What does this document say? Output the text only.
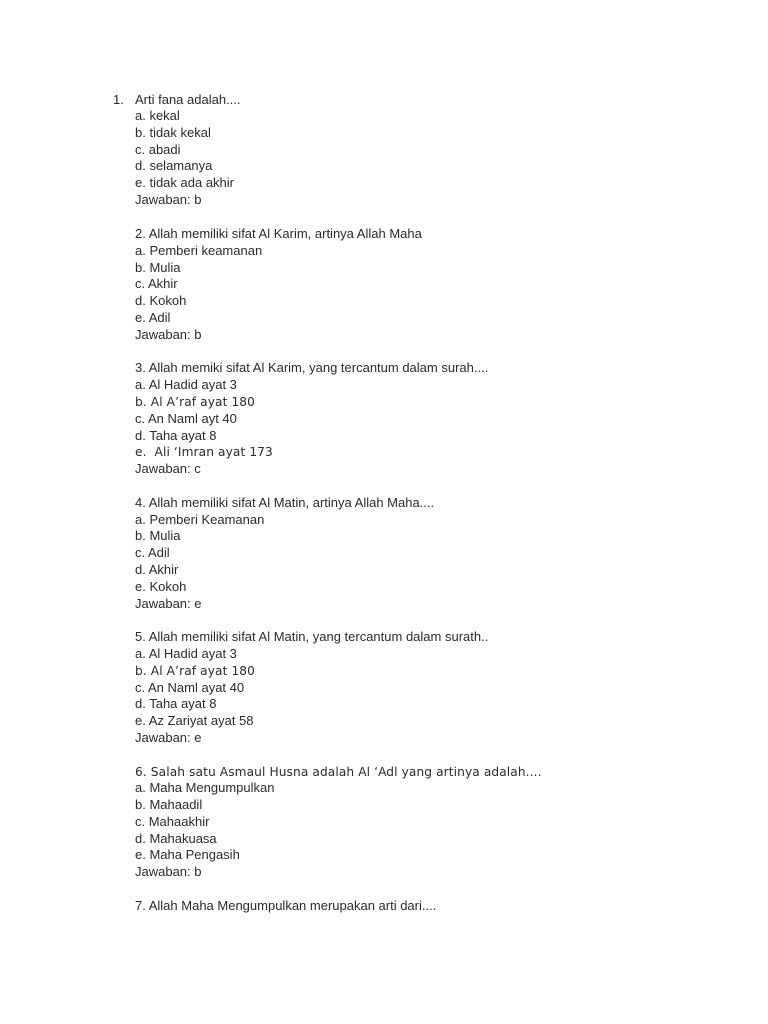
1. Arti fana adalah....
a. kekal
b. tidak kekal
c. abadi
d. selamanya
e. tidak ada akhir
Jawaban: b
2. Allah memiliki sifat Al Karim, artinya Allah Maha
a. Pemberi keamanan
b. Mulia
c. Akhir
d. Kokoh
e. Adil
Jawaban: b
3. Allah memiki sifat Al Karim, yang tercantum dalam surah....
a. Al Hadid ayat 3
b. Al A’raf ayat 180
c. An Naml ayt 40
d. Taha ayat 8
e.  Ali ‘Imran ayat 173
Jawaban: c
4. Allah memiliki sifat Al Matin, artinya Allah Maha....
a. Pemberi Keamanan
b. Mulia
c. Adil
d. Akhir
e. Kokoh
Jawaban: e
5. Allah memiliki sifat Al Matin, yang tercantum dalam surath..
a. Al Hadid ayat 3
b. Al A’raf ayat 180
c. An Naml ayat 40
d. Taha ayat 8
e. Az Zariyat ayat 58
Jawaban: e
6. Salah satu Asmaul Husna adalah Al ‘Adl yang artinya adalah....
a. Maha Mengumpulkan
b. Mahaadil
c. Mahaakhir
d. Mahakuasa
e. Maha Pengasih
Jawaban: b
7. Allah Maha Mengumpulkan merupakan arti dari....
